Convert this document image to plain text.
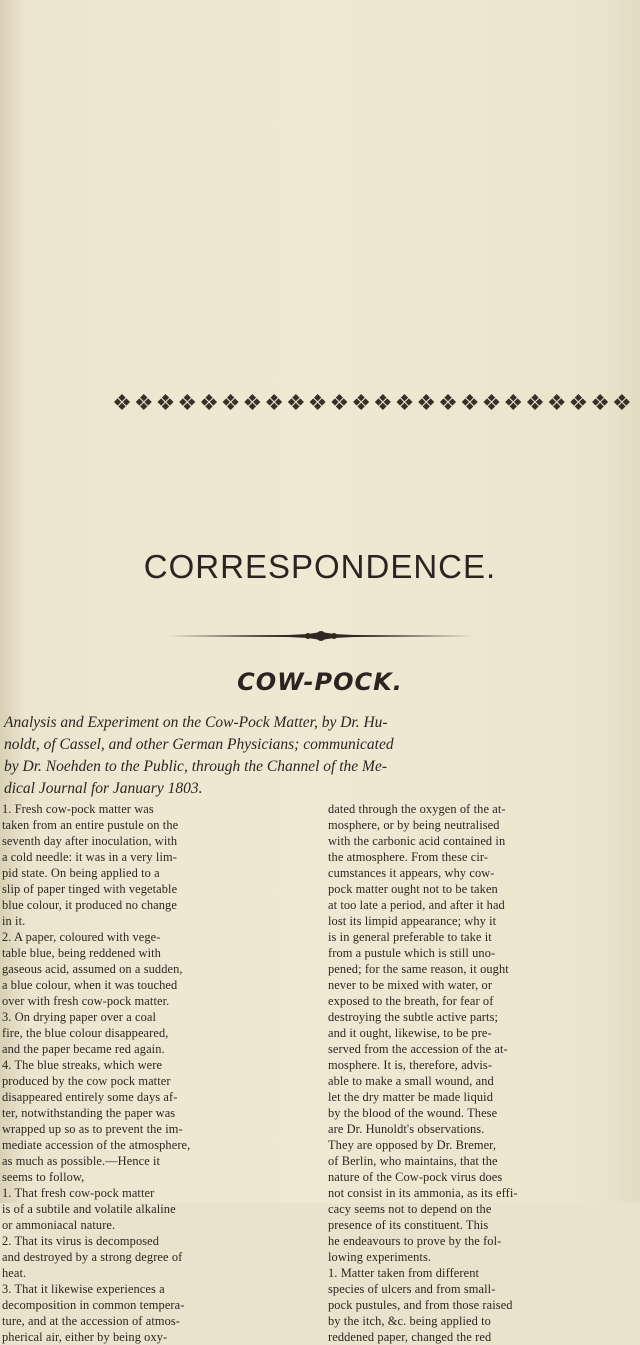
❖ ❖ ❖ ❖ ❖ ❖ ❖ ❖ ❖ ❖ ❖ ❖ ❖ ❖ ❖ ❖ ❖ ❖ ❖ ❖ ❖ ❖ ❖ ❖
CORRESPONDENCE.
COW-POCK.
Analysis and Experiment on the Cow-Pock Matter, by Dr. Hu-
noldt, of Cassel, and other German Physicians; communicated
by Dr. Noehden to the Public, through the Channel of the Me-
dical Journal for January 1803.
1. Fresh cow-pock matter was
taken from an entire pustule on the
seventh day after inoculation, with
a cold needle: it was in a very lim-
pid state. On being applied to a
slip of paper tinged with vegetable
blue colour, it produced no change
in it.
2. A paper, coloured with vege-
table blue, being reddened with
gaseous acid, assumed on a sudden,
a blue colour, when it was touched
over with fresh cow-pock matter.
3. On drying paper over a coal
fire, the blue colour disappeared,
and the paper became red again.
4. The blue streaks, which were
produced by the cow pock matter
disappeared entirely some days af-
ter, notwithstanding the paper was
wrapped up so as to prevent the im-
mediate accession of the atmosphere,
as much as possible.—Hence it
seems to follow,
1. That fresh cow-pock matter
is of a subtile and volatile alkaline
or ammoniacal nature.
2. That its virus is decomposed
and destroyed by a strong degree of
heat.
3. That it likewise experiences a
decomposition in common tempera-
ture, and at the accession of atmos-
pherical air, either by being oxy-
dated through the oxygen of the at-
mosphere, or by being neutralised
with the carbonic acid contained in
the atmosphere. From these cir-
cumstances it appears, why cow-
pock matter ought not to be taken
at too late a period, and after it had
lost its limpid appearance; why it
is in general preferable to take it
from a pustule which is still uno-
pened; for the same reason, it ought
never to be mixed with water, or
exposed to the breath, for fear of
destroying the subtle active parts;
and it ought, likewise, to be pre-
served from the accession of the at-
mosphere. It is, therefore, advis-
able to make a small wound, and
let the dry matter be made liquid
by the blood of the wound. These
are Dr. Hunoldt's observations.
They are opposed by Dr. Bremer,
of Berlin, who maintains, that the
nature of the Cow-pock virus does
not consist in its ammonia, as its effi-
cacy seems not to depend on the
presence of its constituent. This
he endeavours to prove by the fol-
lowing experiments.
1. Matter taken from different
species of ulcers and from small-
pock pustules, and from those raised
by the itch, &c. being applied to
reddened paper, changed the red
